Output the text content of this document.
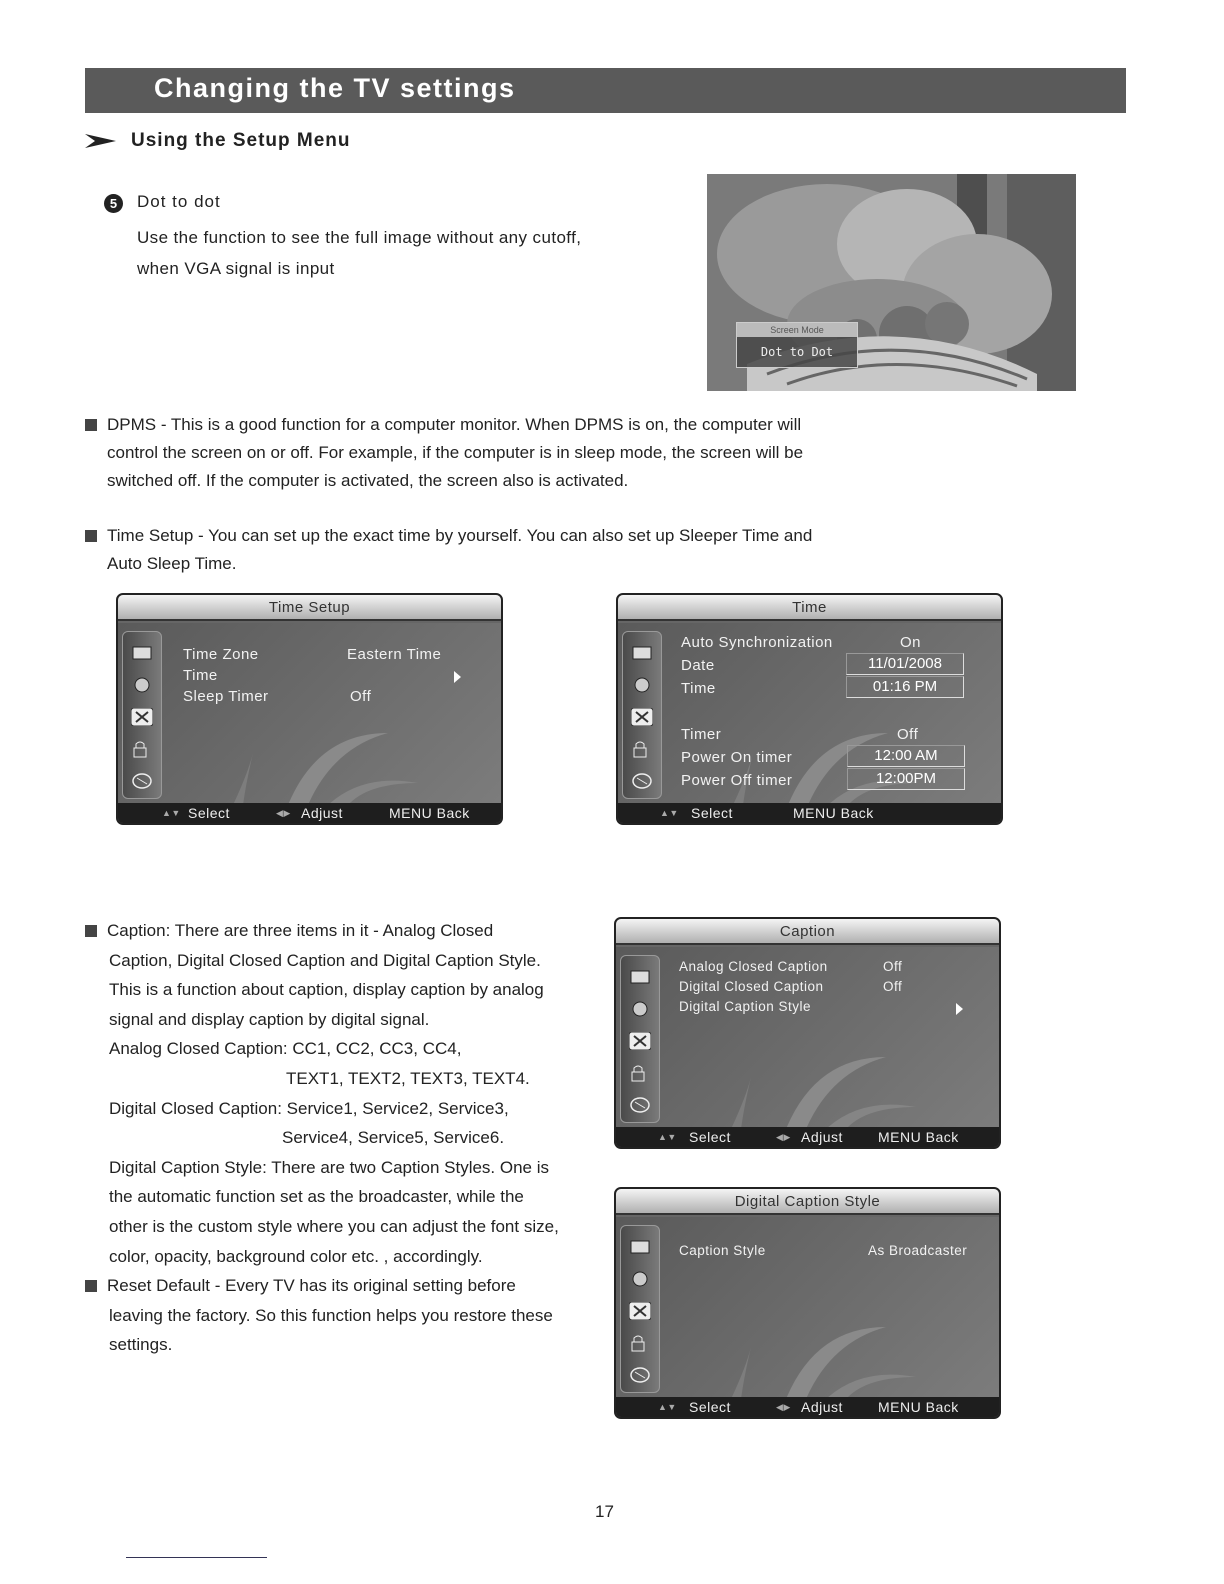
Changing the TV settings
Using the Setup Menu
5	Dot to dot
Use the function to see the full image without any cutoff,
when VGA signal is input
Screen Mode
Dot to Dot

DPMS - This is a good function for a computer monitor. When DPMS is on, the computer will

control the screen on or off. For example, if the computer is in sleep mode, the screen will be

switched off. If the computer is activated, the screen also is activated.

Time Setup - You can set up the exact time by yourself. You can also set up Sleeper Time and

Auto Sleep Time.

Time Setup
Time Zone	Eastern Time
Time
Sleep Timer	Off
▲▼ Select	◀▶ Adjust	MENU Back
Time
Auto Synchronization	On
Date	11/01/2008
Time	01:16 PM
Timer	Off
Power On timer	12:00 AM
Power Off timer	12:00PM
▲▼ Select	MENU Back

Caption: There are three items in it - Analog Closed

Caption, Digital Closed Caption and Digital Caption Style.

This is a function about caption, display caption by analog

signal and display caption by digital signal.

Analog Closed Caption: CC1, CC2, CC3, CC4,

TEXT1, TEXT2, TEXT3, TEXT4.

Digital Closed Caption: Service1, Service2, Service3,

Service4, Service5, Service6.

Digital Caption Style: There are two Caption Styles. One is

the automatic function set as the broadcaster, while the

other is the custom style where you can adjust the font size,

color, opacity, background color etc. , accordingly.

Reset Default - Every TV has its original setting before

leaving the factory. So this function helps you restore these

settings.

Caption
Analog Closed Caption	Off
Digital Closed Caption	Off
Digital Caption Style
▲▼ Select	◀▶ Adjust	MENU Back
Digital Caption Style
Caption Style	As Broadcaster
▲▼ Select	◀▶ Adjust	MENU Back
17
